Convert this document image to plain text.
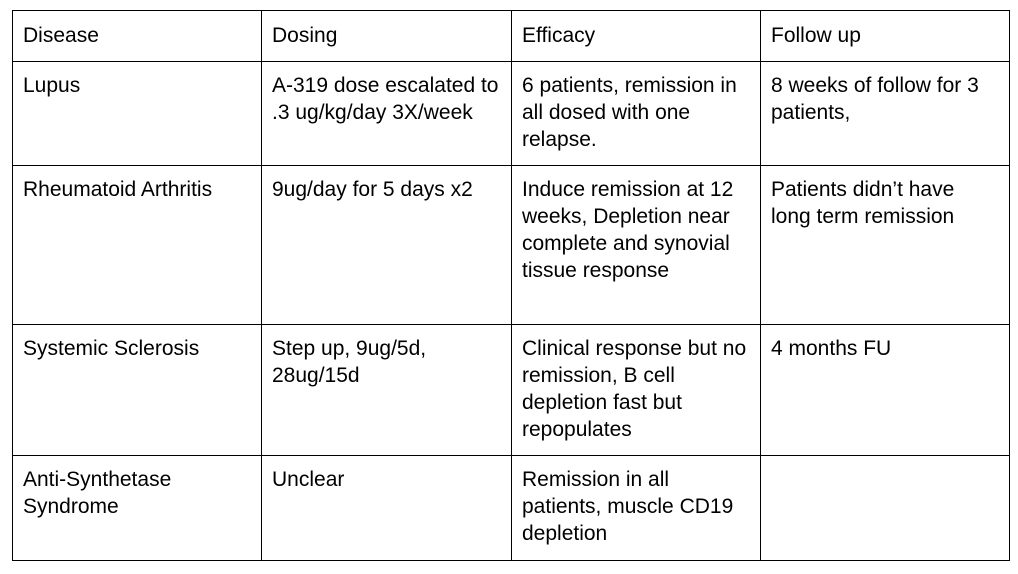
Disease	Dosing	Efficacy	Follow up
Lupus	A-319 dose escalated to .3 ug/kg/day 3X/week	6 patients, remission in all dosed with one relapse.	8 weeks of follow for 3 patients,
Rheumatoid Arthritis	9ug/day for 5 days x2	Induce remission at 12 weeks, Depletion near complete and synovial tissue response	Patients didn’t have long term remission
Systemic Sclerosis	Step up, 9ug/5d, 28ug/15d	Clinical response but no remission, B cell depletion fast but repopulates	4 months FU
Anti-Synthetase Syndrome	Unclear	Remission in all patients, muscle CD19 depletion	
